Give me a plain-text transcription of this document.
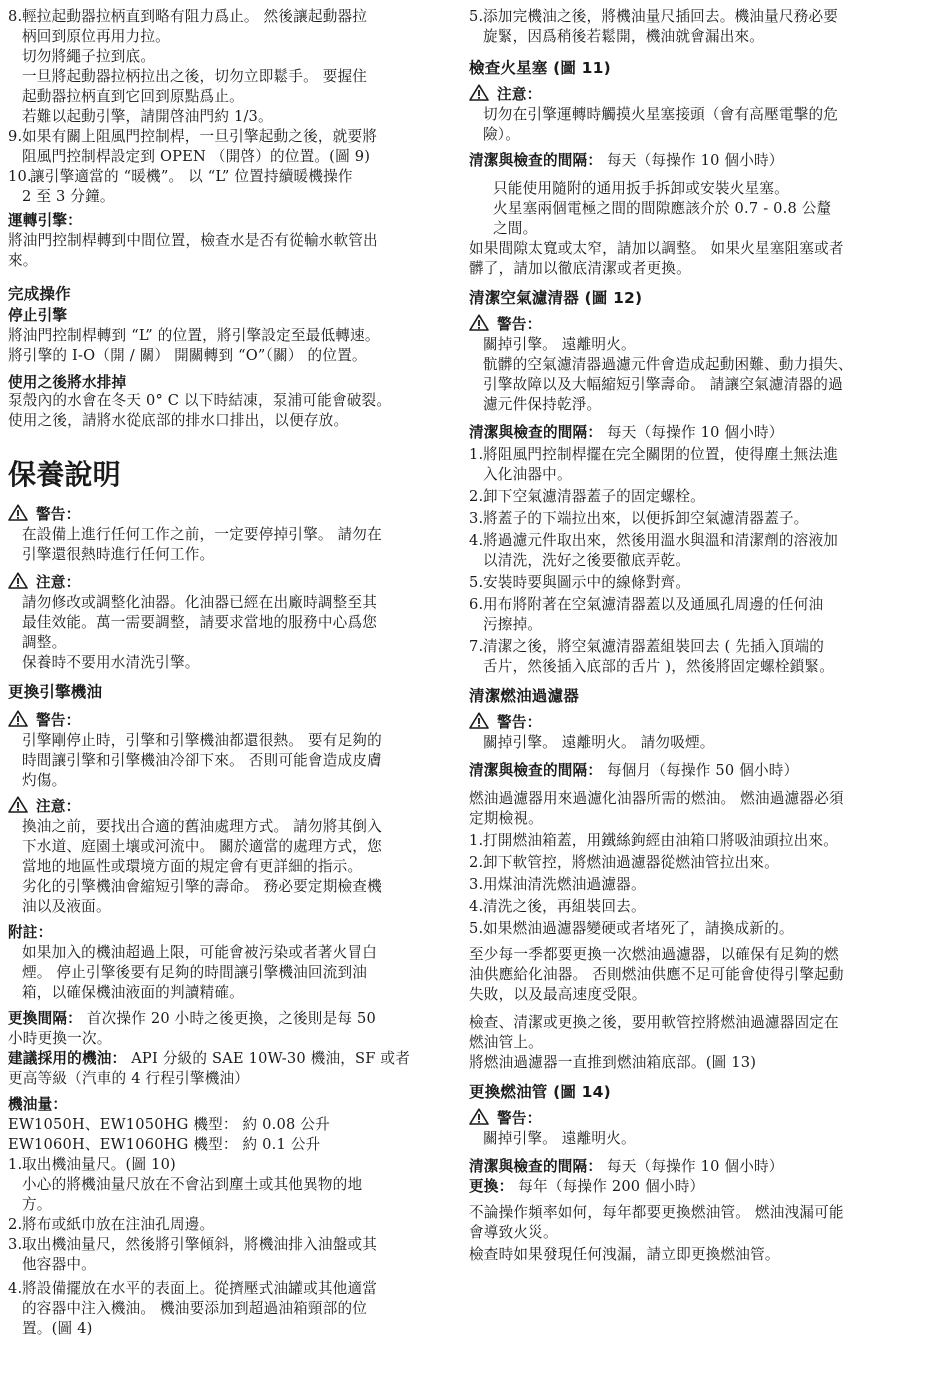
8.輕拉起動器拉柄直到略有阻力爲止。 然後讓起動器拉
柄回到原位再用力拉。
切勿將繩子拉到底。
一旦將起動器拉柄拉出之後，切勿立即鬆手。 要握住
起動器拉柄直到它回到原點爲止。
若難以起動引擎，請開啓油門約 1/3。
9.如果有關上阻風門控制桿，一旦引擎起動之後，就要將
阻風門控制桿設定到 OPEN （開啓）的位置。(圖 9)
10.讓引擎適當的 “暖機”。 以 “L” 位置持續暖機操作
2 至 3 分鐘。
運轉引擎：
將油門控制桿轉到中間位置，檢查水是否有從輸水軟管出
來。
完成操作
停止引擎
將油門控制桿轉到 “L” 的位置，將引擎設定至最低轉速。
將引擎的 I-O（開 / 關） 開關轉到 “O”（關） 的位置。
使用之後將水排掉
泵殼內的水會在冬天 0° C 以下時結凍，泵浦可能會破裂。
使用之後，請將水從底部的排水口排出，以便存放。
保養說明
警告：
在設備上進行任何工作之前，一定要停掉引擎。 請勿在
引擎還很熱時進行任何工作。
注意：
請勿修改或調整化油器。化油器已經在出廠時調整至其
最佳效能。萬一需要調整，請要求當地的服務中心爲您
調整。
保養時不要用水清洗引擎。
更換引擎機油
警告：
引擎剛停止時，引擎和引擎機油都還很熱。 要有足夠的
時間讓引擎和引擎機油冷卻下來。 否則可能會造成皮膚
灼傷。
注意：
換油之前，要找出合適的舊油處理方式。 請勿將其倒入
下水道、庭園土壤或河流中。 關於適當的處理方式，您
當地的地區性或環境方面的規定會有更詳細的指示。
劣化的引擎機油會縮短引擎的壽命。 務必要定期檢查機
油以及液面。
附註：
如果加入的機油超過上限，可能會被污染或者著火冒白
煙。 停止引擎後要有足夠的時間讓引擎機油回流到油
箱，以確保機油液面的判讀精確。
更換間隔： 首次操作 20 小時之後更換，之後則是每 50
小時更換一次。
建議採用的機油： API 分級的 SAE 10W-30 機油，SF 或者
更高等級（汽車的 4 行程引擎機油）
機油量：
EW1050H、EW1050HG 機型： 約 0.08 公升
EW1060H、EW1060HG 機型： 約 0.1 公升
1.取出機油量尺。(圖 10)
小心的將機油量尺放在不會沾到塵土或其他異物的地
方。
2.將布或紙巾放在注油孔周邊。
3.取出機油量尺，然後將引擎傾斜，將機油排入油盤或其
他容器中。
4.將設備擺放在水平的表面上。從擠壓式油罐或其他適當
的容器中注入機油。 機油要添加到超過油箱頸部的位
置。(圖 4)
5.添加完機油之後，將機油量尺插回去。機油量尺務必要
旋緊，因爲稍後若鬆開，機油就會漏出來。
檢查火星塞 (圖 11)
注意：
切勿在引擎運轉時觸摸火星塞接頭（會有高壓電擊的危
險）。
清潔與檢查的間隔： 每天（每操作 10 個小時）
只能使用隨附的通用扳手拆卸或安裝火星塞。
火星塞兩個電極之間的間隙應該介於 0.7 - 0.8 公釐
之間。
如果間隙太寬或太窄，請加以調整。 如果火星塞阻塞或者
髒了，請加以徹底清潔或者更換。
清潔空氣濾清器 (圖 12)
警告：
關掉引擎。 遠離明火。
骯髒的空氣濾清器過濾元件會造成起動困難、動力損失、
引擎故障以及大幅縮短引擎壽命。 請讓空氣濾清器的過
濾元件保持乾淨。
清潔與檢查的間隔： 每天（每操作 10 個小時）
1.將阻風門控制桿擺在完全關閉的位置，使得塵土無法進
入化油器中。
2.卸下空氣濾清器蓋子的固定螺栓。
3.將蓋子的下端拉出來，以便拆卸空氣濾清器蓋子。
4.將過濾元件取出來，然後用溫水與溫和清潔劑的溶液加
以清洗，洗好之後要徹底弄乾。
5.安裝時要與圖示中的線條對齊。
6.用布將附著在空氣濾清器蓋以及通風孔周邊的任何油
污擦掉。
7.清潔之後，將空氣濾清器蓋組裝回去 ( 先插入頂端的
舌片，然後插入底部的舌片 )，然後將固定螺栓鎖緊。
清潔燃油過濾器
警告：
關掉引擎。 遠離明火。 請勿吸煙。
清潔與檢查的間隔： 每個月（每操作 50 個小時）
燃油過濾器用來過濾化油器所需的燃油。 燃油過濾器必須
定期檢視。
1.打開燃油箱蓋，用鐵絲鉤經由油箱口將吸油頭拉出來。
2.卸下軟管控，將燃油過濾器從燃油管拉出來。
3.用煤油清洗燃油過濾器。
4.清洗之後，再組裝回去。
5.如果燃油過濾器變硬或者堵死了，請換成新的。
至少每一季都要更換一次燃油過濾器，以確保有足夠的燃
油供應給化油器。 否則燃油供應不足可能會使得引擎起動
失敗，以及最高速度受限。
檢查、清潔或更換之後，要用軟管控將燃油過濾器固定在
燃油管上。
將燃油過濾器一直推到燃油箱底部。(圖 13)
更換燃油管 (圖 14)
警告：
關掉引擎。 遠離明火。
清潔與檢查的間隔： 每天（每操作 10 個小時）
更換： 每年（每操作 200 個小時）
不論操作頻率如何，每年都要更換燃油管。 燃油洩漏可能
會導致火災。
檢查時如果發現任何洩漏，請立即更換燃油管。
